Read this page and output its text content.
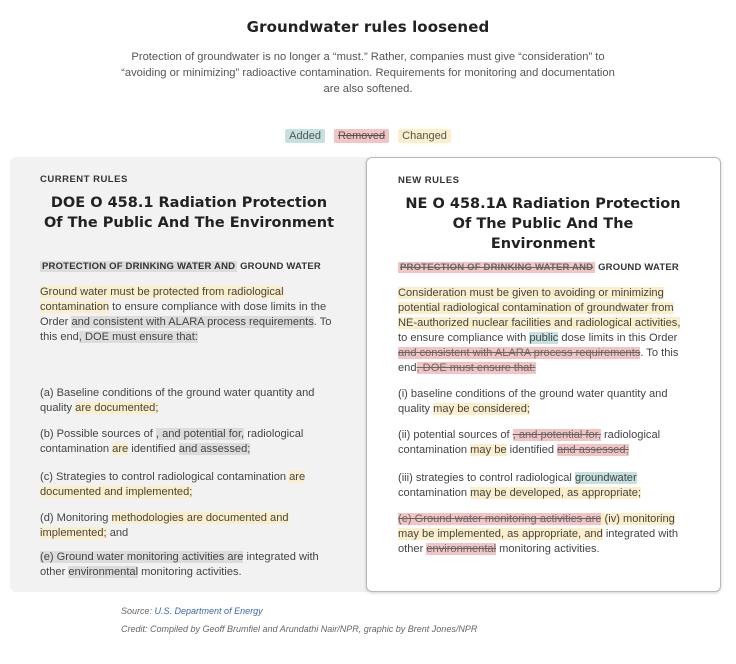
Groundwater rules loosened
Protection of groundwater is no longer a “must.” Rather, companies must give “consideration” to “avoiding or minimizing” radioactive contamination. Requirements for monitoring and documentation are also softened.
Added Removed Changed
CURRENT RULES
DOE O 458.1 Radiation Protection Of The Public And The Environment
PROTECTION OF DRINKING WATER AND GROUND WATER
Ground water must be protected from radiological contamination to ensure compliance with dose limits in the Order and consistent with ALARA process requirements. To this end, DOE must ensure that:
(a) Baseline conditions of the ground water quantity and quality are documented;
(b) Possible sources of , and potential for, radiological contamination are identified and assessed;
(c) Strategies to control radiological contamination are documented and implemented;
(d) Monitoring methodologies are documented and implemented; and
(e) Ground water monitoring activities are integrated with other environmental monitoring activities.
NEW RULES
NE O 458.1A Radiation Protection Of The Public And The Environment
PROTECTION OF DRINKING WATER AND GROUND WATER
Consideration must be given to avoiding or minimizing potential radiological contamination of groundwater from NE-authorized nuclear facilities and radiological activities, to ensure compliance with public dose limits in this Order and consistent with ALARA process requirements. To this end, DOE must ensure that:
(i) baseline conditions of the ground water quantity and quality may be considered;
(ii) potential sources of , and potential for, radiological contamination may be identified and assessed;
(iii) strategies to control radiological groundwater contamination may be developed, as appropriate;
(e) Ground water monitoring activities are (iv) monitoring may be implemented, as appropriate, and integrated with other environmental monitoring activities.
Source: U.S. Department of Energy
Credit: Compiled by Geoff Brumfiel and Arundathi Nair/NPR, graphic by Brent Jones/NPR
